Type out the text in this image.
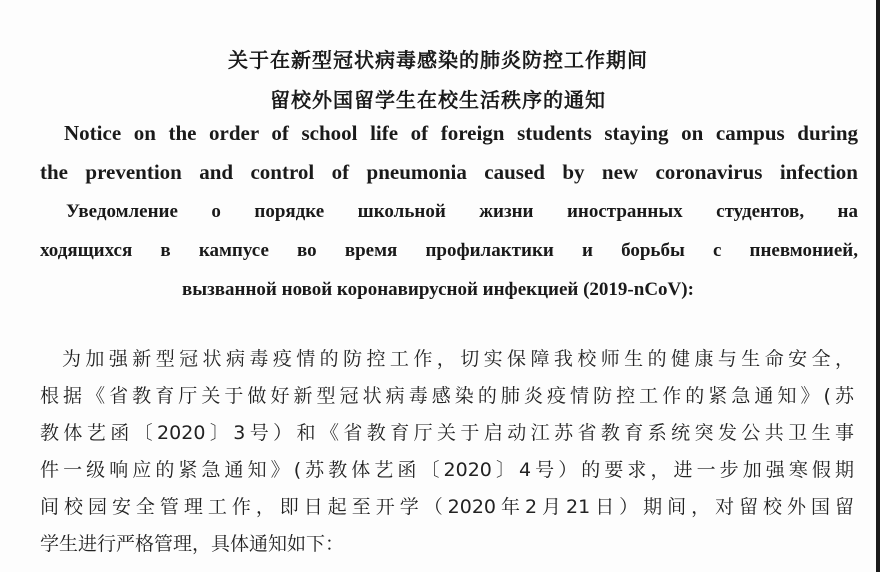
关于在新型冠状病毒感染的肺炎防控工作期间
留校外国留学生在校生活秩序的通知
Notice on the order of school life of foreign students staying on campus during
the prevention and control of pneumonia caused by new coronavirus infection
Уведомление о порядке школьной жизни иностранных студентов, на
ходящихся в кампусе во время профилактики и борьбы с пневмонией,
вызванной новой коронавирусной инфекцией (2019-nCoV):
为加强新型冠状病毒疫情的防控工作，切实保障我校师生的健康与生命安全，
根据《省教育厅关于做好新型冠状病毒感染的肺炎疫情防控工作的紧急通知》(苏
教体艺函〔2020〕3号）和《省教育厅关于启动江苏省教育系统突发公共卫生事
件一级响应的紧急通知》(苏教体艺函〔2020〕4号）的要求，进一步加强寒假期
间校园安全管理工作，即日起至开学（2020年2月21日）期间，对留校外国留
学生进行严格管理，具体通知如下：
